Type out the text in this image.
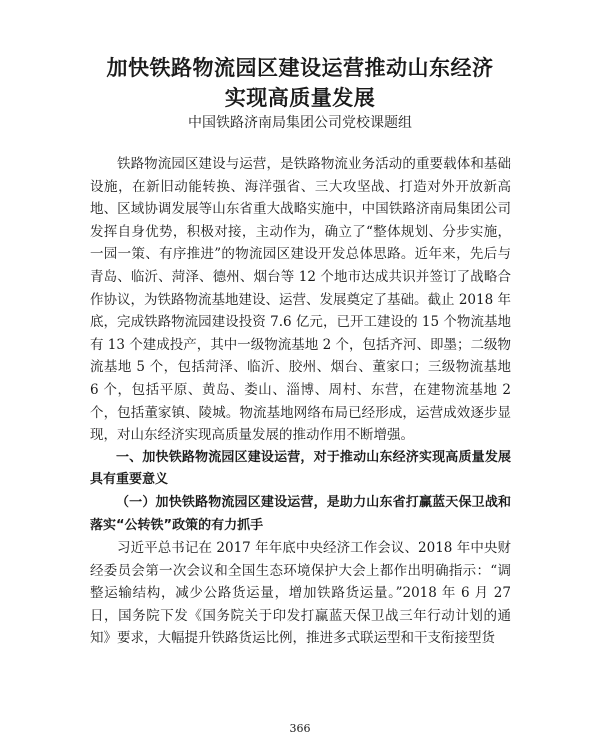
加快铁路物流园区建设运营推动山东经济
实现高质量发展

中国铁路济南局集团公司党校课题组

铁路物流园区建设与运营，是铁路物流业务活动的重要载体和基础设施，在新旧动能转换、海洋强省、三大攻坚战、打造对外开放新高地、区域协调发展等山东省重大战略实施中，中国铁路济南局集团公司发挥自身优势，积极对接，主动作为，确立了“整体规划、分步实施，一园一策、有序推进”的物流园区建设开发总体思路。近年来，先后与青岛、临沂、菏泽、德州、烟台等 12 个地市达成共识并签订了战略合作协议，为铁路物流基地建设、运营、发展奠定了基础。截止 2018 年底，完成铁路物流园建设投资 7.6 亿元，已开工建设的 15 个物流基地有 13 个建成投产，其中一级物流基地 2 个，包括齐河、即墨；二级物流基地 5 个，包括菏泽、临沂、胶州、烟台、董家口；三级物流基地 6 个，包括平原、黄岛、娄山、淄博、周村、东营，在建物流基地 2 个，包括董家镇、陵城。物流基地网络布局已经形成，运营成效逐步显现，对山东经济实现高质量发展的推动作用不断增强。

一、加快铁路物流园区建设运营，对于推动山东经济实现高质量发展具有重要意义

（一）加快铁路物流园区建设运营，是助力山东省打赢蓝天保卫战和落实“公转铁”政策的有力抓手

习近平总书记在 2017 年年底中央经济工作会议、2018 年中央财经委员会第一次会议和全国生态环境保护大会上都作出明确指示：“调整运输结构，减少公路货运量，增加铁路货运量。”2018 年 6 月 27 日，国务院下发《国务院关于印发打赢蓝天保卫战三年行动计划的通知》要求，大幅提升铁路货运比例，推进多式联运型和干支衔接型货

366
